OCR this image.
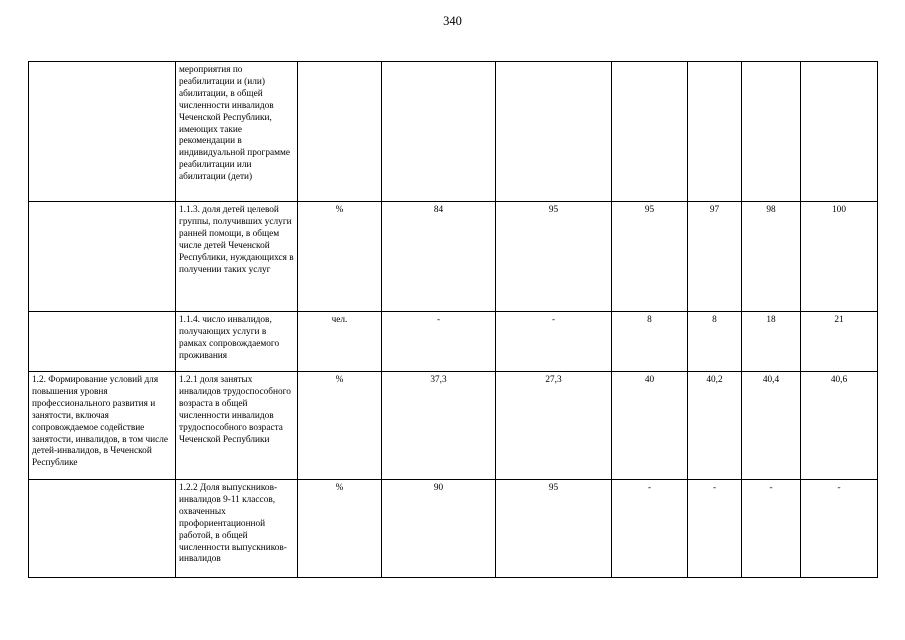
340
	мероприятия по реабилитации и (или) абилитации, в общей численности инвалидов Чеченской Республики, имеющих такие рекомендации в индивидуальной программе реабилитации или абилитации (дети)							
	1.1.3. доля детей целевой группы, получивших услуги ранней помощи, в общем числе детей Чеченской Республики, нуждающихся в получении таких услуг	%	84	95	95	97	98	100
	1.1.4. число инвалидов, получающих услуги в рамках сопровождаемого проживания	чел.	-	-	8	8	18	21
1.2. Формирование условий для повышения уровня профессионального развития и занятости, включая сопровождаемое содействие занятости, инвалидов, в том числе детей-инвалидов, в Чеченской Республике	1.2.1 доля занятых инвалидов трудоспособного возраста в общей численности инвалидов трудоспособного возраста Чеченской Республики	%	37,3	27,3	40	40,2	40,4	40,6
	1.2.2 Доля выпускников-инвалидов 9-11 классов, охваченных профориентационной работой, в общей численности выпускников-инвалидов	%	90	95	-	-	-	-
